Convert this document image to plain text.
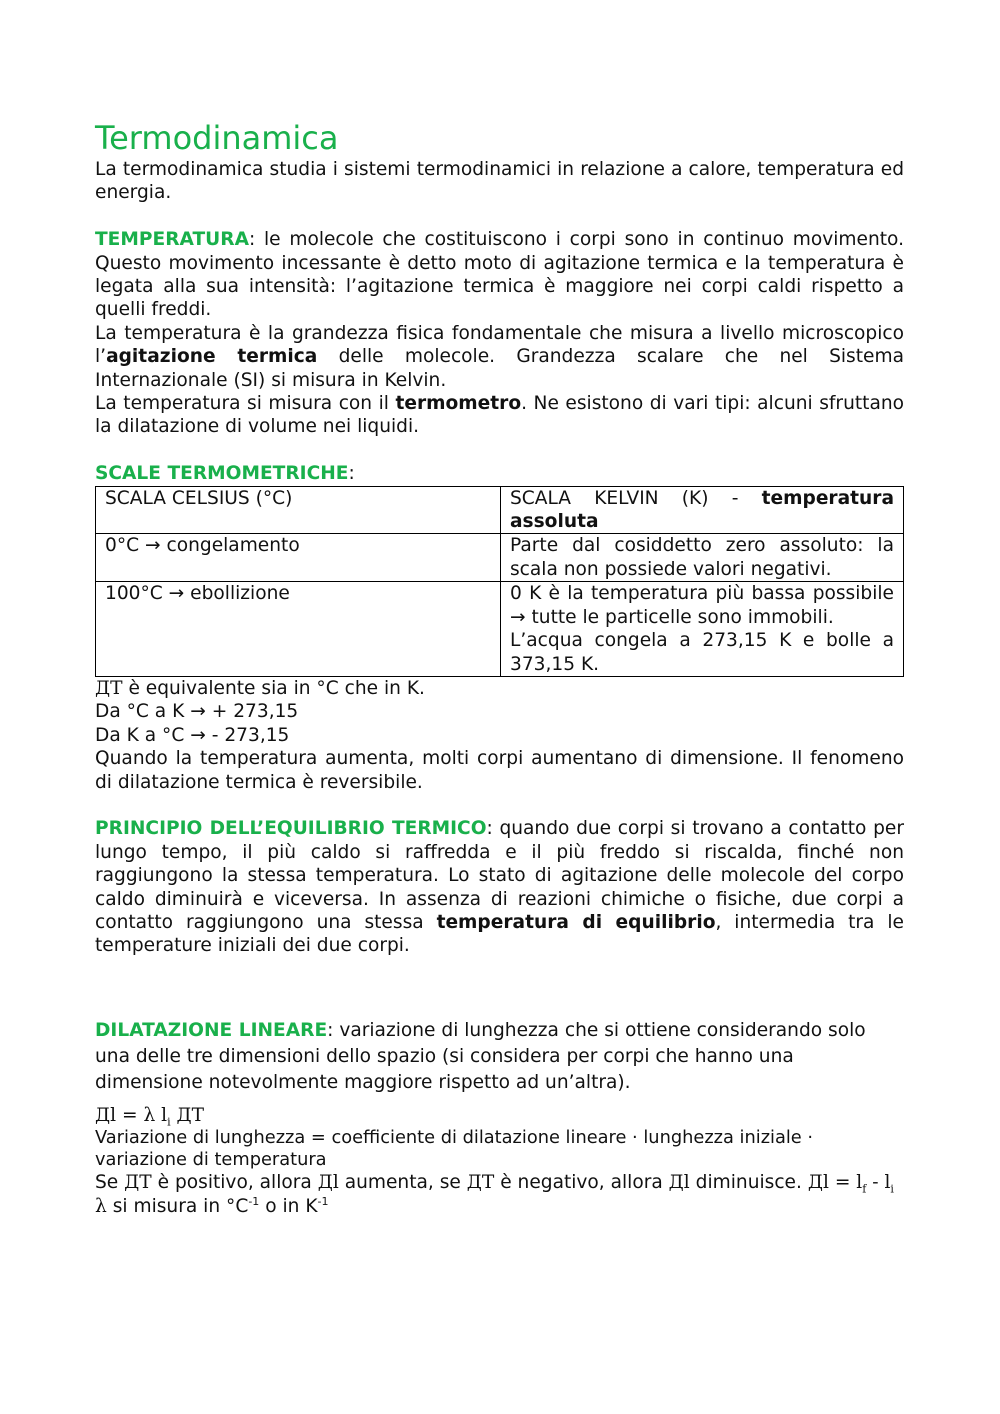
Termodinamica

La termodinamica studia i sistemi termodinamici in relazione a calore, temperatura ed energia.

TEMPERATURA: le molecole che costituiscono i corpi sono in continuo movimento. Questo movimento incessante è detto moto di agitazione termica e la temperatura è legata alla sua intensità: l’agitazione termica è maggiore nei corpi caldi rispetto a quelli freddi.

La temperatura è la grandezza fisica fondamentale che misura a livello microscopico l’agitazione termica delle molecole. Grandezza scalare che nel Sistema Internazionale (SI) si misura in Kelvin.

La temperatura si misura con il termometro. Ne esistono di vari tipi: alcuni sfruttano la dilatazione di volume nei liquidi.

SCALE TERMOMETRICHE:

SCALA CELSIUS (°C)	SCALA KELVIN (K) - temperatura assoluta
0°C → congelamento	Parte dal cosiddetto zero assoluto: la scala non possiede valori negativi.
100°C → ebollizione	0 K è la temperatura più bassa possibile → tutte le particelle sono immobili.
L’acqua congela a 273,15 K e bolle a 373,15 K.

ДТ è equivalente sia in °C che in K.

Da °C a K → + 273,15

Da K a °C → - 273,15

Quando la temperatura aumenta, molti corpi aumentano di dimensione. Il fenomeno di dilatazione termica è reversibile.

PRINCIPIO DELL’EQUILIBRIO TERMICO: quando due corpi si trovano a contatto per lungo tempo, il più caldo si raffredda e il più freddo si riscalda, finché non raggiungono la stessa temperatura. Lo stato di agitazione delle molecole del corpo caldo diminuirà e viceversa. In assenza di reazioni chimiche o fisiche, due corpi a contatto raggiungono una stessa temperatura di equilibrio, intermedia tra le temperature iniziali dei due corpi.

DILATAZIONE LINEARE: variazione di lunghezza che si ottiene considerando solo una delle tre dimensioni dello spazio (si considera per corpi che hanno una dimensione notevolmente maggiore rispetto ad un’altra).

Дl = λ $l_i$ ДТ

Variazione di lunghezza = coefficiente di dilatazione lineare · lunghezza iniziale · variazione di temperatura

Se ДТ è positivo, allora Дl aumenta, se ДТ è negativo, allora Дl diminuisce. Дl = $l_f - l_i$

λ si misura in $^\circ C^{-1}$ o in $K^{-1}$
